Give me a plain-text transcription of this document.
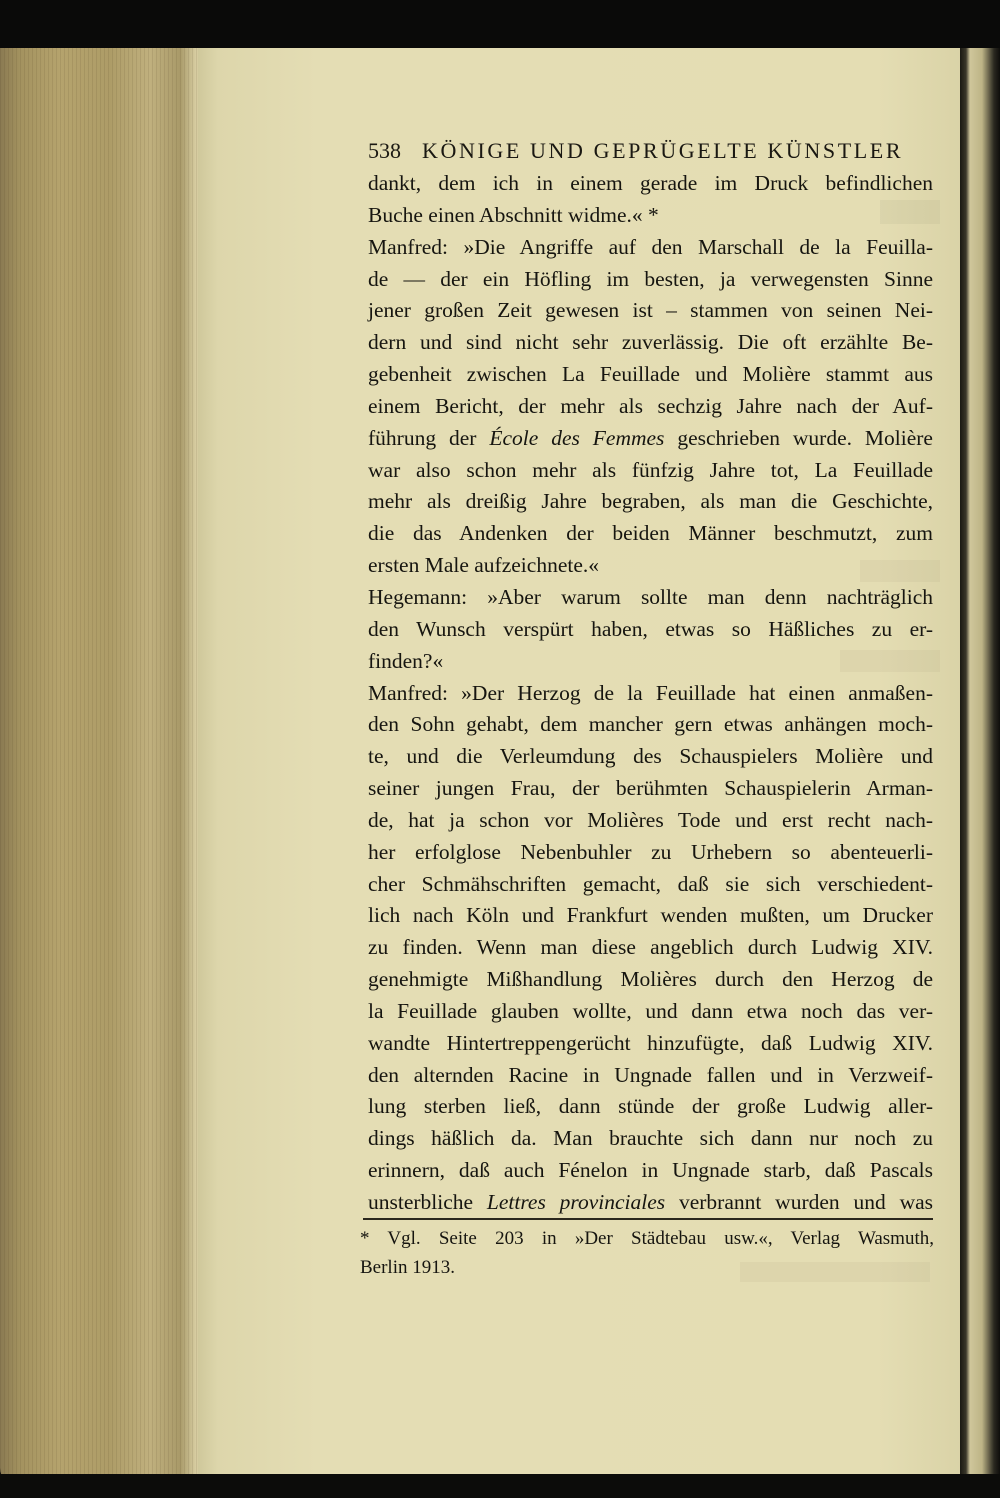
538 KÖNIGE UND GEPRÜGELTE KÜNSTLER
dankt, dem ich in einem gerade im Druck befindlichen
Buche einen Abschnitt widme.« *
Manfred: »Die Angriffe auf den Marschall de la Feuilla-
de — der ein Höfling im besten, ja verwegensten Sinne
jener großen Zeit gewesen ist – stammen von seinen Nei-
dern und sind nicht sehr zuverlässig. Die oft erzählte Be-
gebenheit zwischen La Feuillade und Molière stammt aus
einem Bericht, der mehr als sechzig Jahre nach der Auf-
führung der École des Femmes geschrieben wurde. Molière
war also schon mehr als fünfzig Jahre tot, La Feuillade
mehr als dreißig Jahre begraben, als man die Geschichte,
die das Andenken der beiden Männer beschmutzt, zum
ersten Male aufzeichnete.«
Hegemann: »Aber warum sollte man denn nachträglich
den Wunsch verspürt haben, etwas so Häßliches zu er-
finden?«
Manfred: »Der Herzog de la Feuillade hat einen anmaßen-
den Sohn gehabt, dem mancher gern etwas anhängen moch-
te, und die Verleumdung des Schauspielers Molière und
seiner jungen Frau, der berühmten Schauspielerin Arman-
de, hat ja schon vor Molières Tode und erst recht nach-
her erfolglose Nebenbuhler zu Urhebern so abenteuerli-
cher Schmähschriften gemacht, daß sie sich verschiedent-
lich nach Köln und Frankfurt wenden mußten, um Drucker
zu finden. Wenn man diese angeblich durch Ludwig XIV.
genehmigte Mißhandlung Molières durch den Herzog de
la Feuillade glauben wollte, und dann etwa noch das ver-
wandte Hintertreppengerücht hinzufügte, daß Ludwig XIV.
den alternden Racine in Ungnade fallen und in Verzweif-
lung sterben ließ, dann stünde der große Ludwig aller-
dings häßlich da. Man brauchte sich dann nur noch zu
erinnern, daß auch Fénelon in Ungnade starb, daß Pascals
unsterbliche Lettres provinciales verbrannt wurden und was
* Vgl. Seite 203 in »Der Städtebau usw.«, Verlag Wasmuth,
Berlin 1913.
